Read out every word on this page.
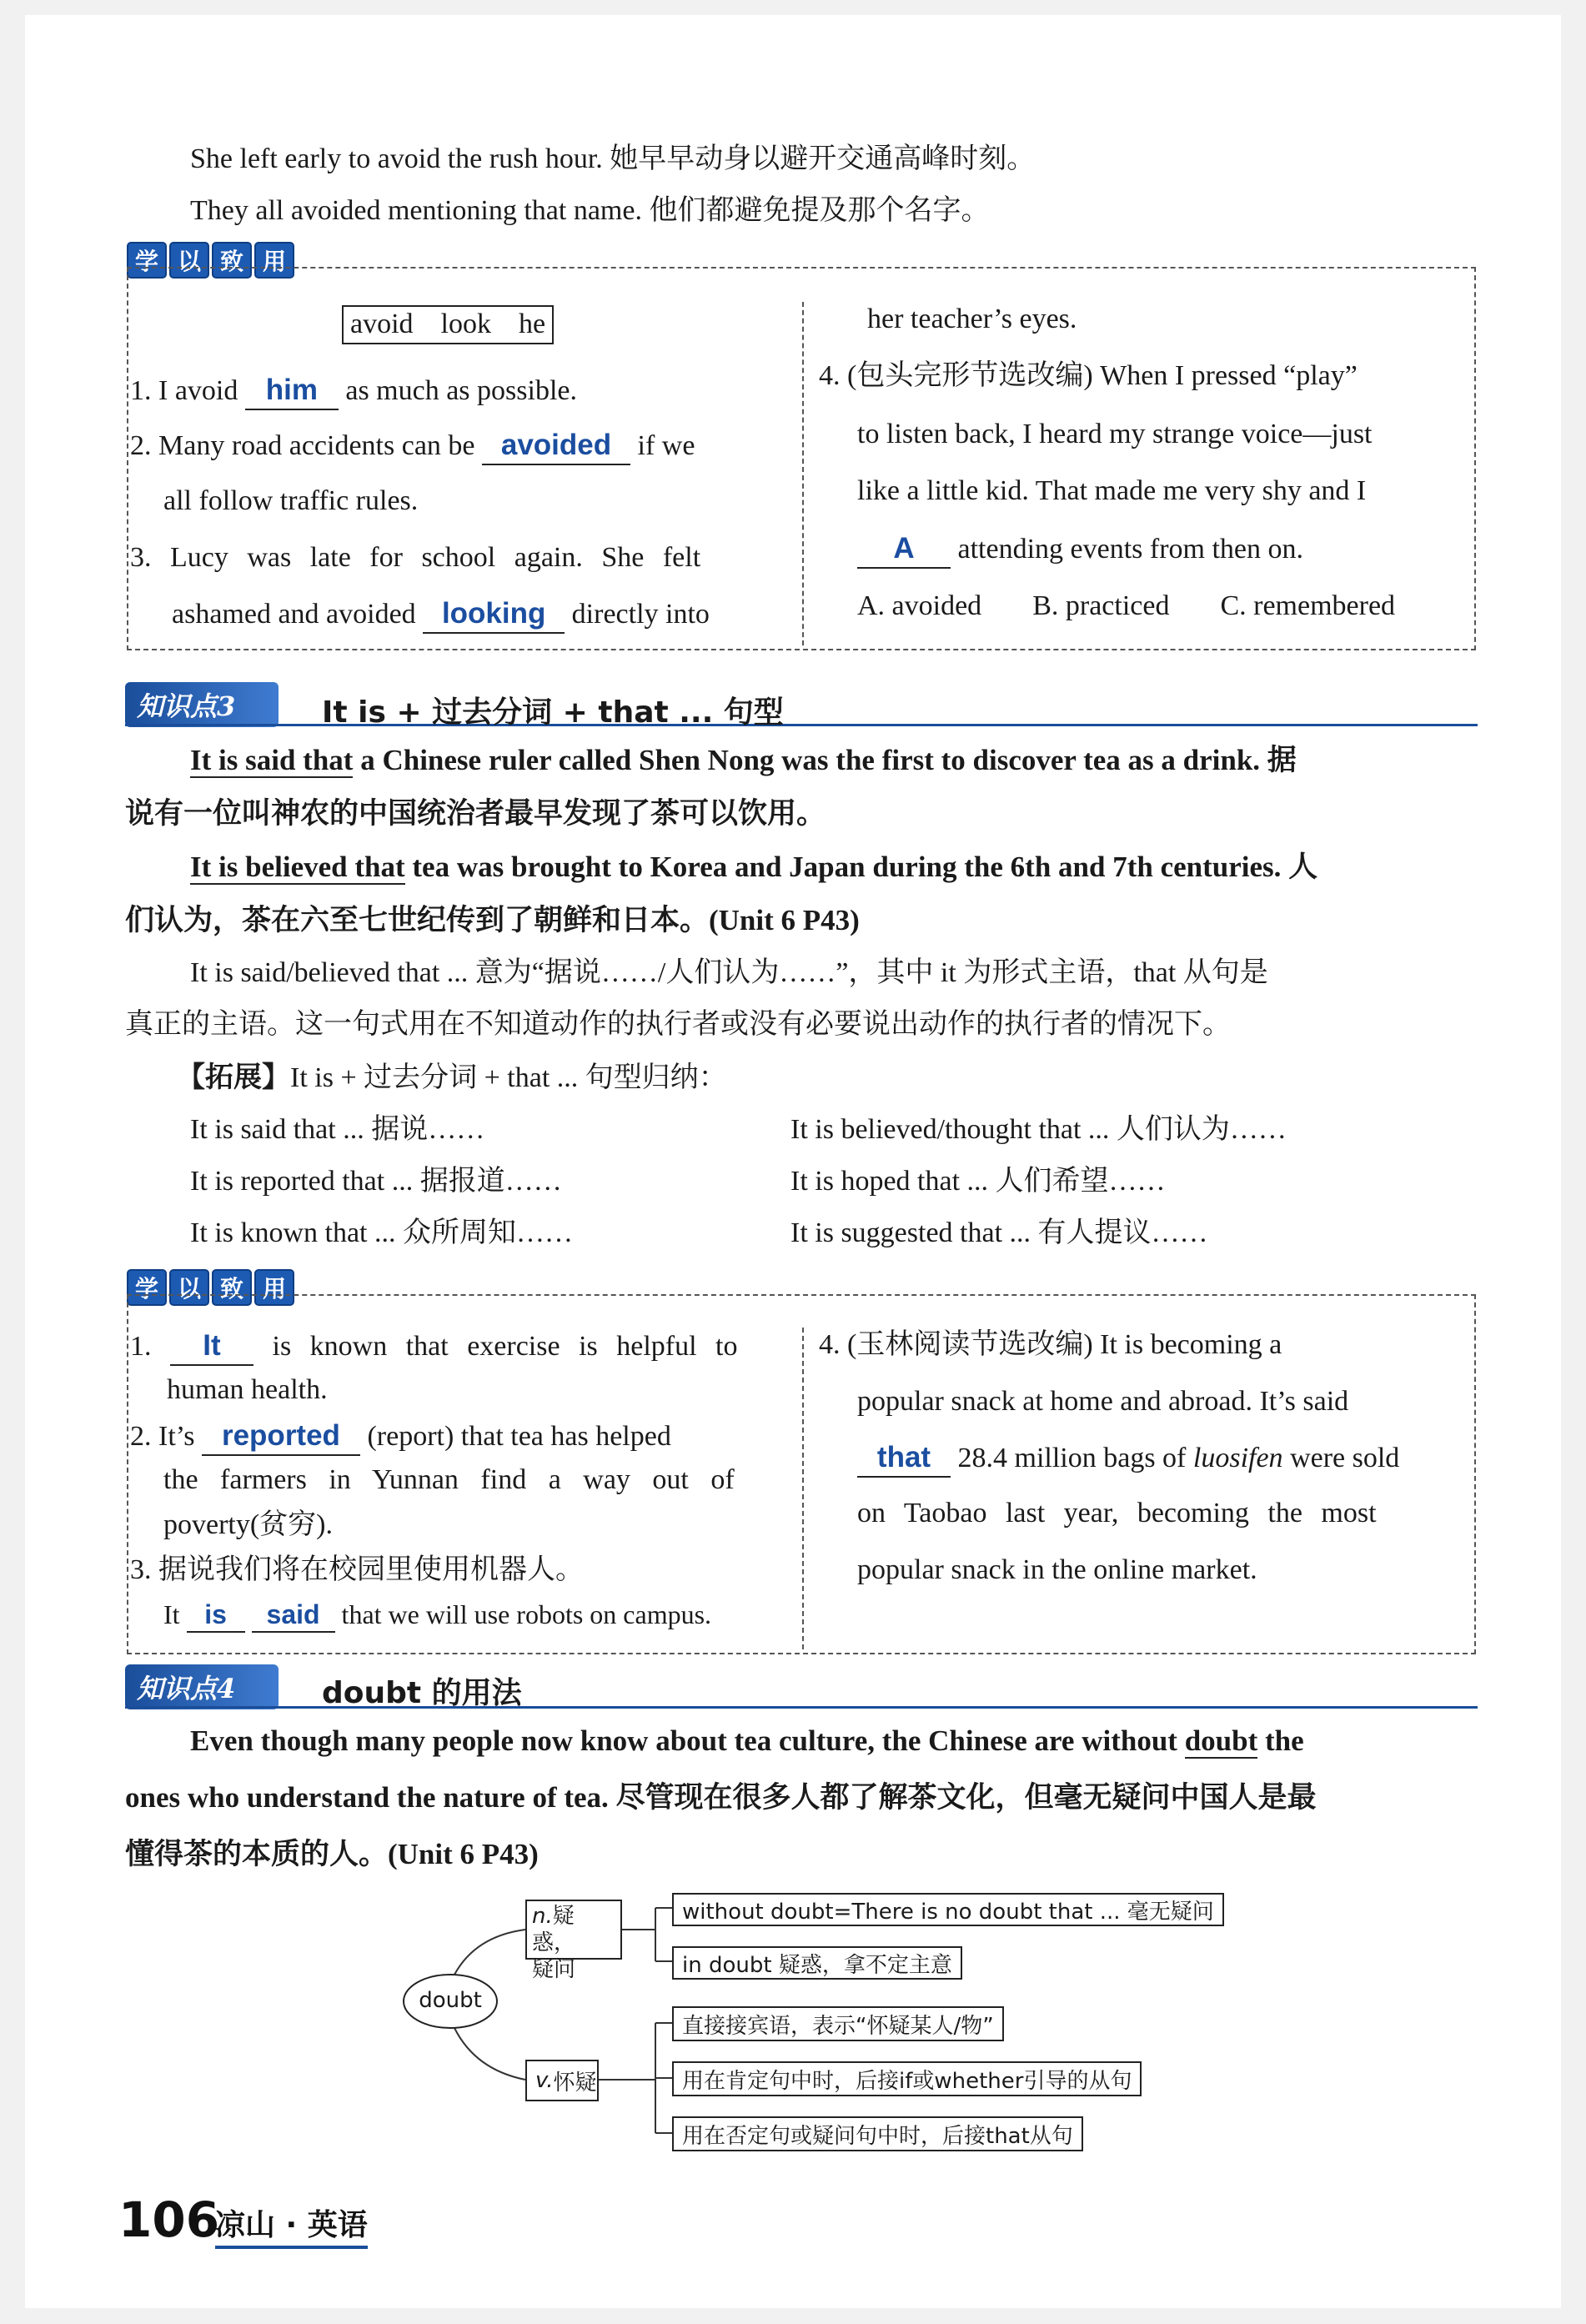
She left early to avoid the rush hour. 她早早动身以避开交通高峰时刻。
They all avoided mentioning that name. 他们都避免提及那个名字。
学 以 致 用
avoid look he
1. I avoid him as much as possible.
2. Many road accidents can be avoided if we
all follow traffic rules.
3. Lucy was late for school again. She felt
ashamed and avoided looking directly into
her teacher’s eyes.
4. (包头完形节选改编) When I pressed “play”
to listen back, I heard my strange voice—just
like a little kid. That made me very shy and I
A attending events from then on.
A. avoided B. practiced C. remembered
知识点3	It is + 过去分词 + that ... 句型
It is said that a Chinese ruler called Shen Nong was the first to discover tea as a drink. 据
说有一位叫神农的中国统治者最早发现了茶可以饮用。
It is believed that tea was brought to Korea and Japan during the 6th and 7th centuries. 人
们认为，茶在六至七世纪传到了朝鲜和日本。(Unit 6 P43)
It is said/believed that ... 意为“据说……/人们认为……”，其中 it 为形式主语，that 从句是
真正的主语。这一句式用在不知道动作的执行者或没有必要说出动作的执行者的情况下。
【拓展】It is + 过去分词 + that ... 句型归纳：
It is said that ... 据说……	It is believed/thought that ... 人们认为……
It is reported that ... 据报道……	It is hoped that ... 人们希望……
It is known that ... 众所周知……	It is suggested that ... 有人提议……
学 以 致 用
1. It is known that exercise is helpful to
human health.
2. It’s reported (report) that tea has helped
the farmers in Yunnan find a way out of
poverty(贫穷).
3. 据说我们将在校园里使用机器人。
It is said that we will use robots on campus.
4. (玉林阅读节选改编) It is becoming a
popular snack at home and abroad. It’s said
that 28.4 million bags of luosifen were sold
on Taobao last year, becoming the most
popular snack in the online market.
知识点4	doubt 的用法
Even though many people now know about tea culture, the Chinese are without doubt the
ones who understand the nature of tea. 尽管现在很多人都了解茶文化，但毫无疑问中国人是最
懂得茶的本质的人。(Unit 6 P43)
doubt
n.疑惑，
疑问
without doubt=There is no doubt that ... 毫无疑问
in doubt 疑惑，拿不定主意
v. 怀疑
直接接宾语，表示“怀疑某人/物”
用在肯定句中时，后接if或whether引导的从句
用在否定句或疑问句中时，后接that从句
106
凉山 · 英语
